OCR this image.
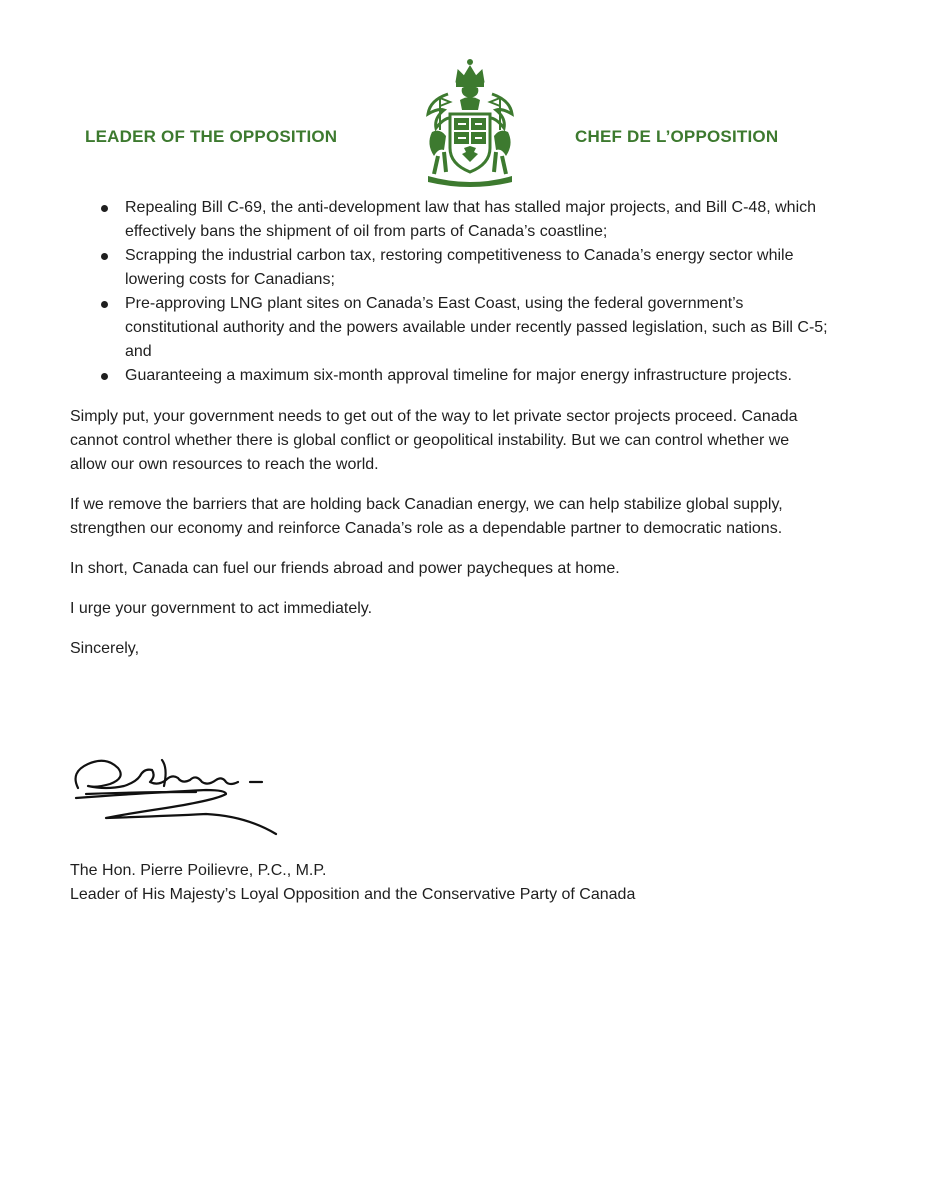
LEADER OF THE OPPOSITION	CHEF DE L’OPPOSITION
Repealing Bill C-69, the anti-development law that has stalled major projects, and Bill C-48, which effectively bans the shipment of oil from parts of Canada’s coastline;
Scrapping the industrial carbon tax, restoring competitiveness to Canada’s energy sector while lowering costs for Canadians;
Pre-approving LNG plant sites on Canada’s East Coast, using the federal government’s constitutional authority and the powers available under recently passed legislation, such as Bill C-5; and
Guaranteeing a maximum six-month approval timeline for major energy infrastructure projects.

Simply put, your government needs to get out of the way to let private sector projects proceed. Canada cannot control whether there is global conflict or geopolitical instability. But we can control whether we allow our own resources to reach the world.

If we remove the barriers that are holding back Canadian energy, we can help stabilize global supply, strengthen our economy and reinforce Canada’s role as a dependable partner to democratic nations.

In short, Canada can fuel our friends abroad and power paycheques at home.

I urge your government to act immediately.

Sincerely,

The Hon. Pierre Poilievre, P.C., M.P.
Leader of His Majesty’s Loyal Opposition and the Conservative Party of Canada
